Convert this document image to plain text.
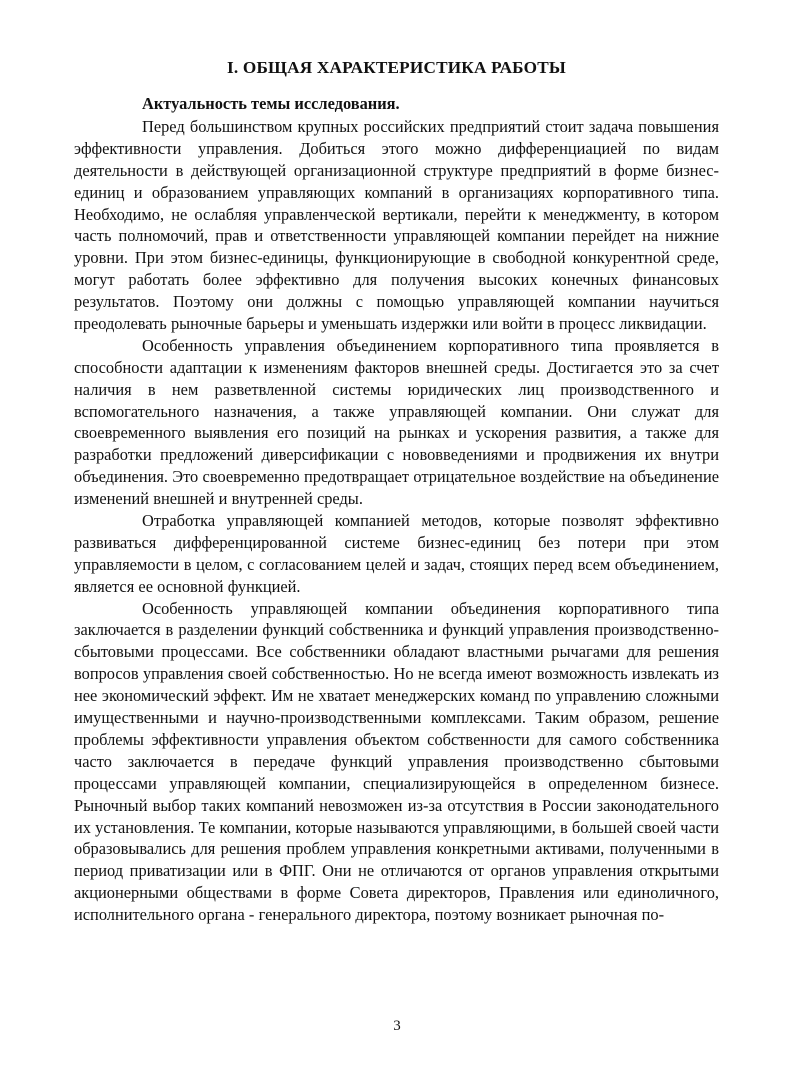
I. ОБЩАЯ ХАРАКТЕРИСТИКА РАБОТЫ

Актуальность темы исследования.

Перед большинством крупных российских предприятий стоит задача повышения эффективности управления. Добиться этого можно дифференциацией по видам деятельности в действующей организационной структуре предприятий в форме бизнес-единиц и образованием управляющих компаний в организациях корпоративного типа. Необходимо, не ослабляя управленческой вертикали, перейти к менеджменту, в котором часть полномочий, прав и ответственности управляющей компании перейдет на нижние уровни. При этом бизнес-единицы, функционирующие в свободной конкурентной среде, могут работать более эффективно для получения высоких конечных финансовых результатов. Поэтому они должны с помощью управляющей компании научиться преодолевать рыночные барьеры и уменьшать издержки или войти в процесс ликвидации.

Особенность управления объединением корпоративного типа проявляется в способности адаптации к изменениям факторов внешней среды. Достигается это за счет наличия в нем разветвленной системы юридических лиц производственного и вспомогательного назначения, а также управляющей компании. Они служат для своевременного выявления его позиций на рынках и ускорения развития, а также для разработки предложений диверсификации с нововведениями и продвижения их внутри объединения. Это своевременно предотвращает отрицательное воздействие на объединение изменений внешней и внутренней среды.

Отработка управляющей компанией методов, которые позволят эффективно развиваться дифференцированной системе бизнес-единиц без потери при этом управляемости в целом, с согласованием целей и задач, стоящих перед всем объединением, является ее основной функцией.

Особенность управляющей компании объединения корпоративного типа заключается в разделении функций собственника и функций управления производственно-сбытовыми процессами. Все собственники обладают властными рычагами для решения вопросов управления своей собственностью. Но не всегда имеют возможность извлекать из нее экономический эффект. Им не хватает менеджерских команд по управлению сложными имущественными и научно-производственными комплексами. Таким образом, решение проблемы эффективности управления объектом собственности для самого собственника часто заключается в передаче функций управления производственно сбытовыми процессами управляющей компании, специализирующейся в определенном бизнесе. Рыночный выбор таких компаний невозможен из-за отсутствия в России законодательного их установления. Те компании, которые называются управляющими, в большей своей части образовывались для решения проблем управления конкретными активами, полученными в период приватизации или в ФПГ. Они не отличаются от органов управления открытыми акционерными обществами в форме Совета директоров, Правления или единоличного, исполнительного органа - генерального директора, поэтому возникает рыночная по-

3
